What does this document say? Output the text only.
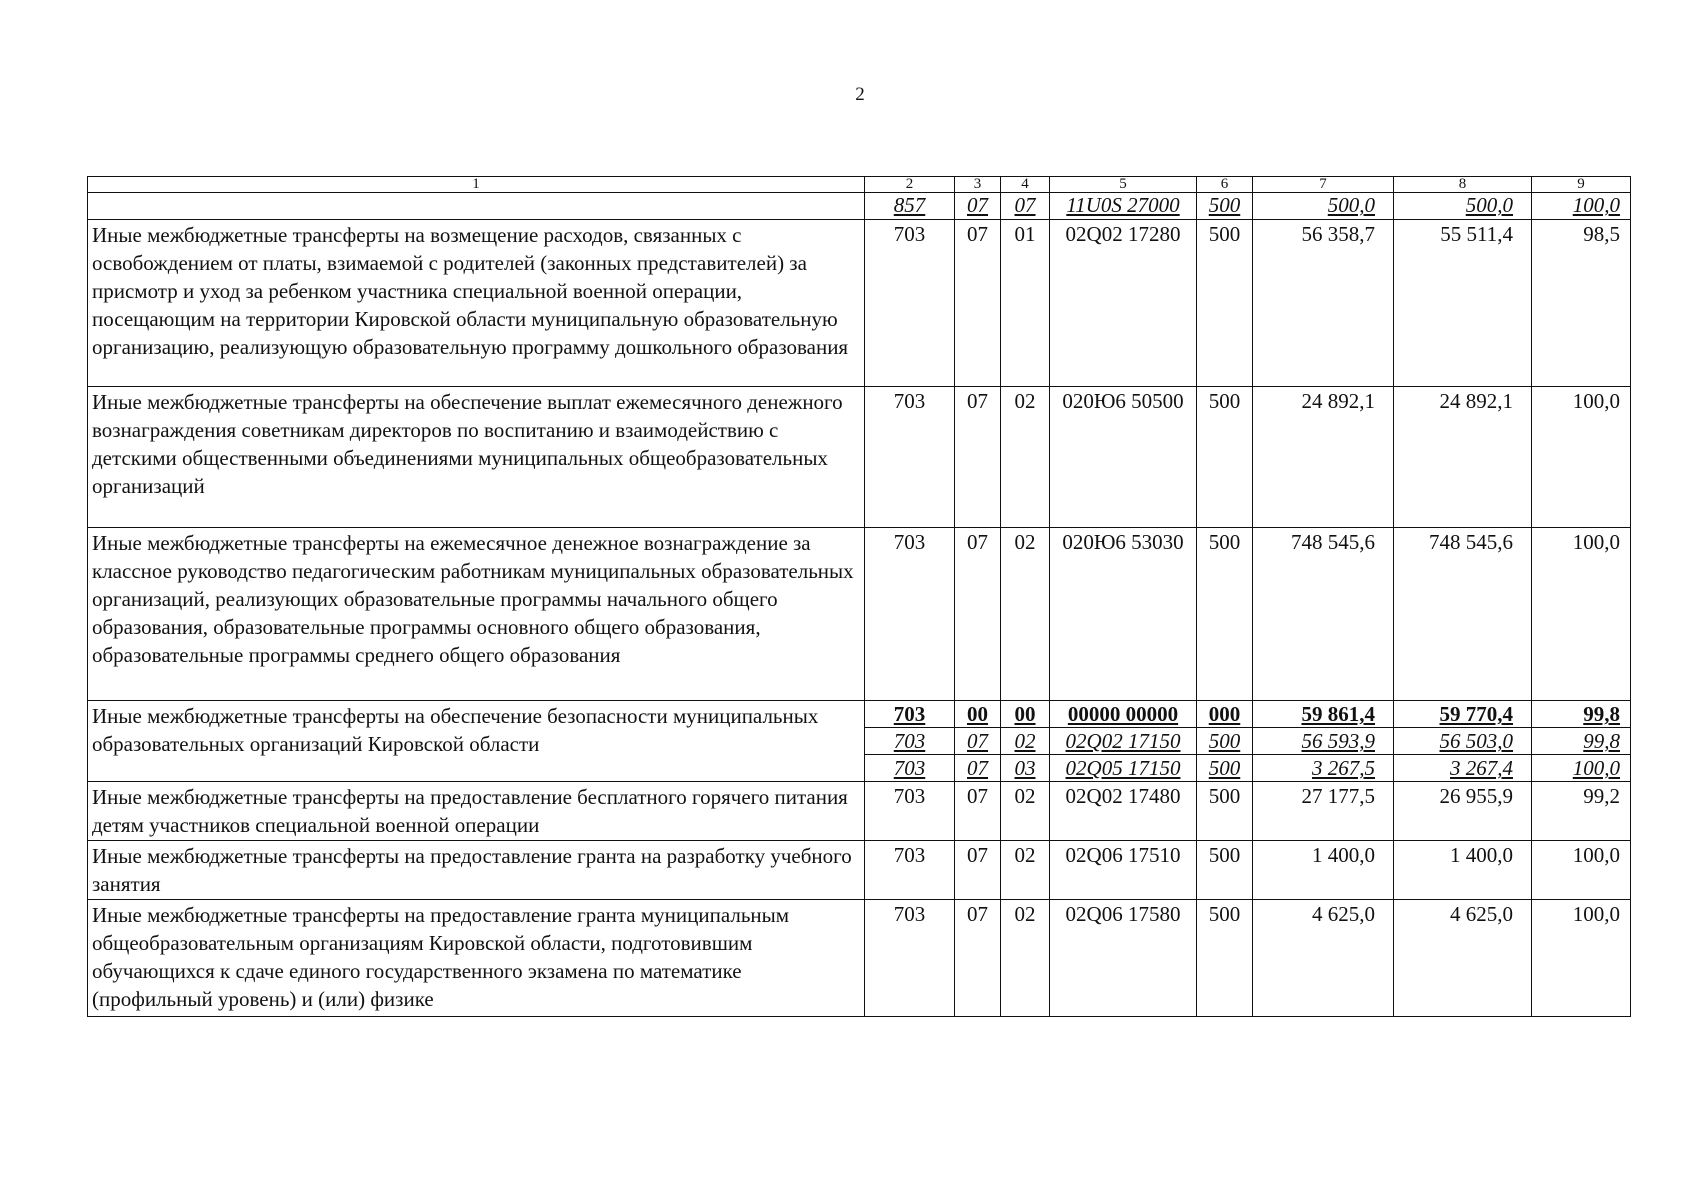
2
1	2	3	4	5	6	7	8	9
	857	07	07	11U0S 27000	500	500,0	500,0	100,0
Иные межбюджетные трансферты на возмещение расходов, связанных с освобождением от платы, взимаемой с родителей (законных представителей) за присмотр и уход за ребенком участника специальной военной операции, посещающим на территории Кировской области муниципальную образовательную организацию, реализующую образовательную программу дошкольного образования	703	07	01	02Q02 17280	500	56 358,7	55 511,4	98,5
Иные межбюджетные трансферты на обеспечение выплат ежемесячного денежного вознаграждения советникам директоров по воспитанию и взаимодействию с детскими общественными объединениями муниципальных общеобразовательных организаций	703	07	02	020Ю6 50500	500	24 892,1	24 892,1	100,0
Иные межбюджетные трансферты на ежемесячное денежное вознаграждение за классное руководство педагогическим работникам муниципальных образовательных организаций, реализующих образовательные программы начального общего образования, образовательные программы основного общего образования, образовательные программы среднего общего образования	703	07	02	020Ю6 53030	500	748 545,6	748 545,6	100,0
Иные межбюджетные трансферты на обеспечение безопасности муниципальных образовательных организаций Кировской области	703	00	00	00000 00000	000	59 861,4	59 770,4	99,8
	703	07	02	02Q02 17150	500	56 593,9	56 503,0	99,8
	703	07	03	02Q05 17150	500	3 267,5	3 267,4	100,0
Иные межбюджетные трансферты на предоставление бесплатного горячего питания детям участников специальной военной операции	703	07	02	02Q02 17480	500	27 177,5	26 955,9	99,2
Иные межбюджетные трансферты на предоставление гранта на разработку учебного занятия	703	07	02	02Q06 17510	500	1 400,0	1 400,0	100,0
Иные межбюджетные трансферты на предоставление гранта муниципальным общеобразовательным организациям Кировской области, подготовившим обучающихся к сдаче единого государственного экзамена по математике (профильный уровень) и (или) физике	703	07	02	02Q06 17580	500	4 625,0	4 625,0	100,0
